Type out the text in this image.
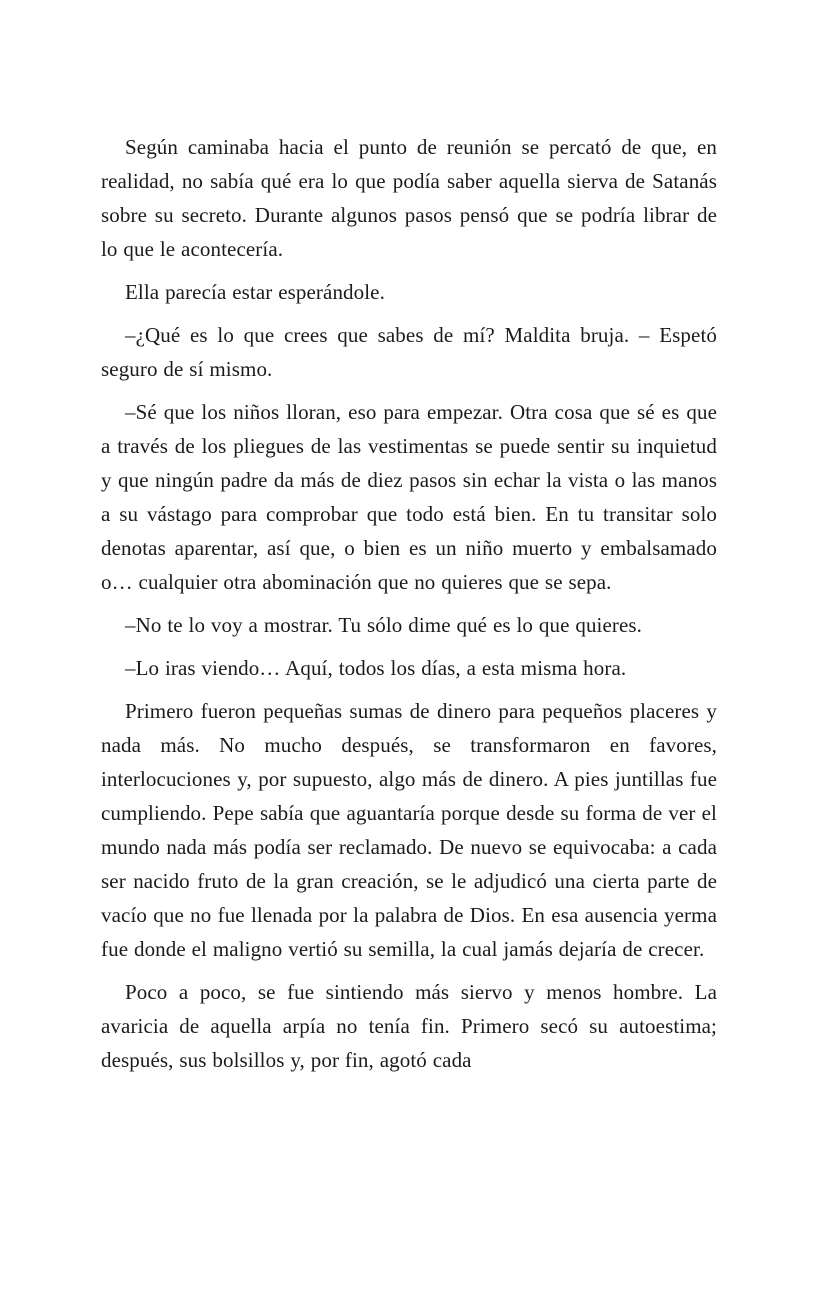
Según caminaba hacia el punto de reunión se percató de que, en realidad, no sabía qué era lo que podía saber aquella sierva de Satanás sobre su secreto. Durante algunos pasos pensó que se podría librar de lo que le acontecería.

Ella parecía estar esperándole.

–¿Qué es lo que crees que sabes de mí? Maldita bruja. – Espetó seguro de sí mismo.

–Sé que los niños lloran, eso para empezar. Otra cosa que sé es que a través de los pliegues de las vestimentas se puede sentir su inquietud y que ningún padre da más de diez pasos sin echar la vista o las manos a su vástago para comprobar que todo está bien. En tu transitar solo denotas aparentar, así que, o bien es un niño muerto y embalsamado o… cualquier otra abominación que no quieres que se sepa.

–No te lo voy a mostrar. Tu sólo dime qué es lo que quieres.

–Lo iras viendo… Aquí, todos los días, a esta misma hora.

Primero fueron pequeñas sumas de dinero para pequeños placeres y nada más. No mucho después, se transformaron en favores, interlocuciones y, por supuesto, algo más de dinero. A pies juntillas fue cumpliendo. Pepe sabía que aguantaría porque desde su forma de ver el mundo nada más podía ser reclamado. De nuevo se equivocaba: a cada ser nacido fruto de la gran creación, se le adjudicó una cierta parte de vacío que no fue llenada por la palabra de Dios. En esa ausencia yerma fue donde el maligno vertió su semilla, la cual jamás dejaría de crecer.

Poco a poco, se fue sintiendo más siervo y menos hombre. La avaricia de aquella arpía no tenía fin. Primero secó su autoestima; después, sus bolsillos y, por fin, agotó cada
